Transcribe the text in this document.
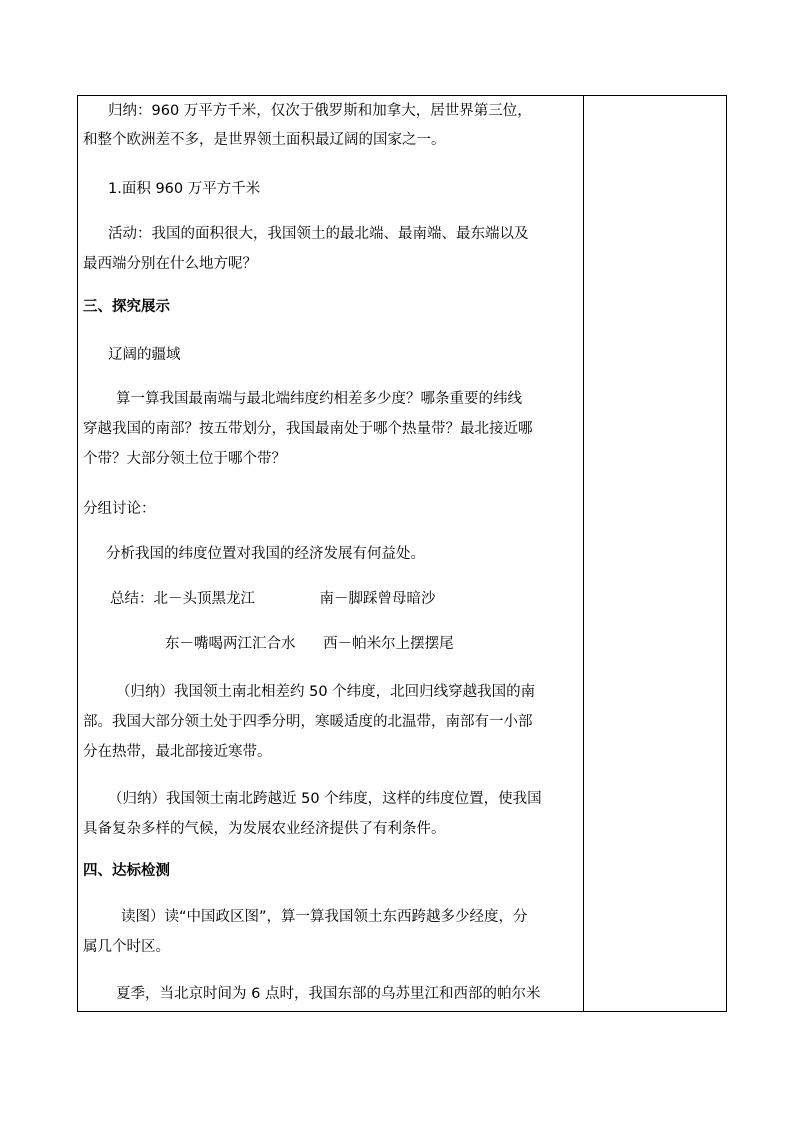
归纳：960 万平方千米，仅次于俄罗斯和加拿大，居世界第三位，
和整个欧洲差不多，是世界领土面积最辽阔的国家之一。
1.面积 960 万平方千米
活动：我国的面积很大，我国领土的最北端、最南端、最东端以及
最西端分别在什么地方呢？
三、探究展示
辽阔的疆域
算一算我国最南端与最北端纬度约相差多少度？哪条重要的纬线
穿越我国的南部？按五带划分，我国最南处于哪个热量带？最北接近哪
个带？大部分领土位于哪个带？
分组讨论：
分析我国的纬度位置对我国的经济发展有何益处。
总结：北－头顶黑龙江              南－脚踩曾母暗沙
东－嘴喝两江汇合水      西－帕米尔上摆摆尾
（归纳）我国领土南北相差约 50 个纬度，北回归线穿越我国的南
部。我国大部分领土处于四季分明，寒暖适度的北温带，南部有一小部
分在热带，最北部接近寒带。
（归纳）我国领土南北跨越近 50 个纬度，这样的纬度位置，使我国
具备复杂多样的气候，为发展农业经济提供了有利条件。
四、达标检测
读图）读“中国政区图”，算一算我国领土东西跨越多少经度，分
属几个时区。
夏季，当北京时间为 6 点时，我国东部的乌苏里江和西部的帕尔米
